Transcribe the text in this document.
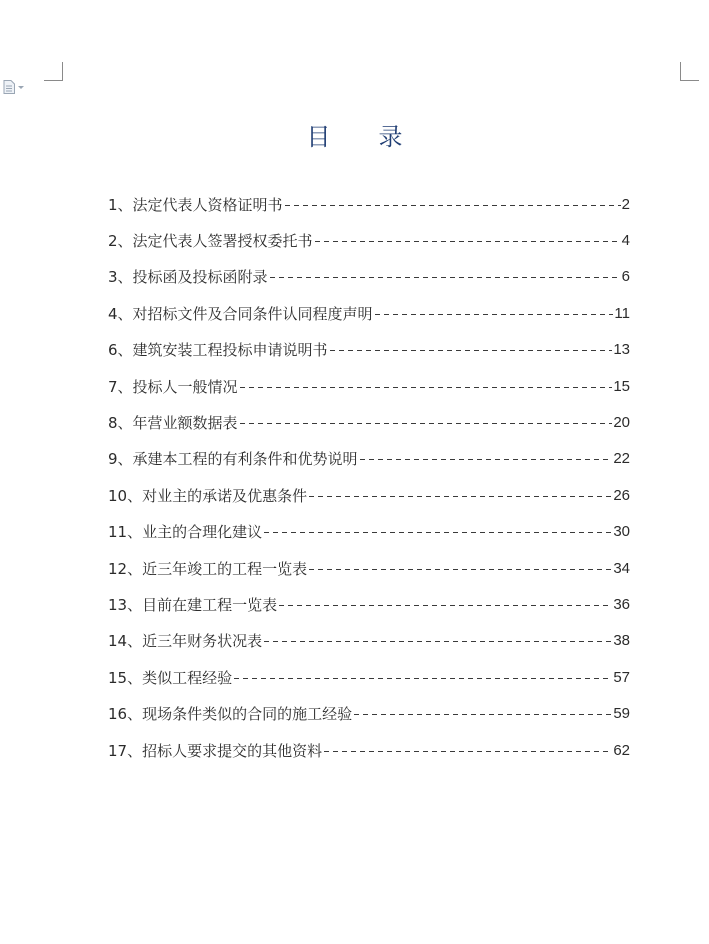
目 录
1、 法定代表人资格证明书	2
2、 法定代表人签署授权委托书	4
3、 投标函及投标函附录	6
4、 对招标文件及合同条件认同程度声明	11
6、 建筑安装工程投标申请说明书	13
7、 投标人一般情况	15
8、 年营业额数据表	20
9、 承建本工程的有利条件和优势说明	22
10、 对业主的承诺及优惠条件	26
11、 业主的合理化建议	30
12、 近三年竣工的工程一览表	34
13、 目前在建工程一览表	36
14、 近三年财务状况表	38
15、 类似工程经验	57
16、 现场条件类似的合同的施工经验	59
17、 招标人要求提交的其他资料	62
